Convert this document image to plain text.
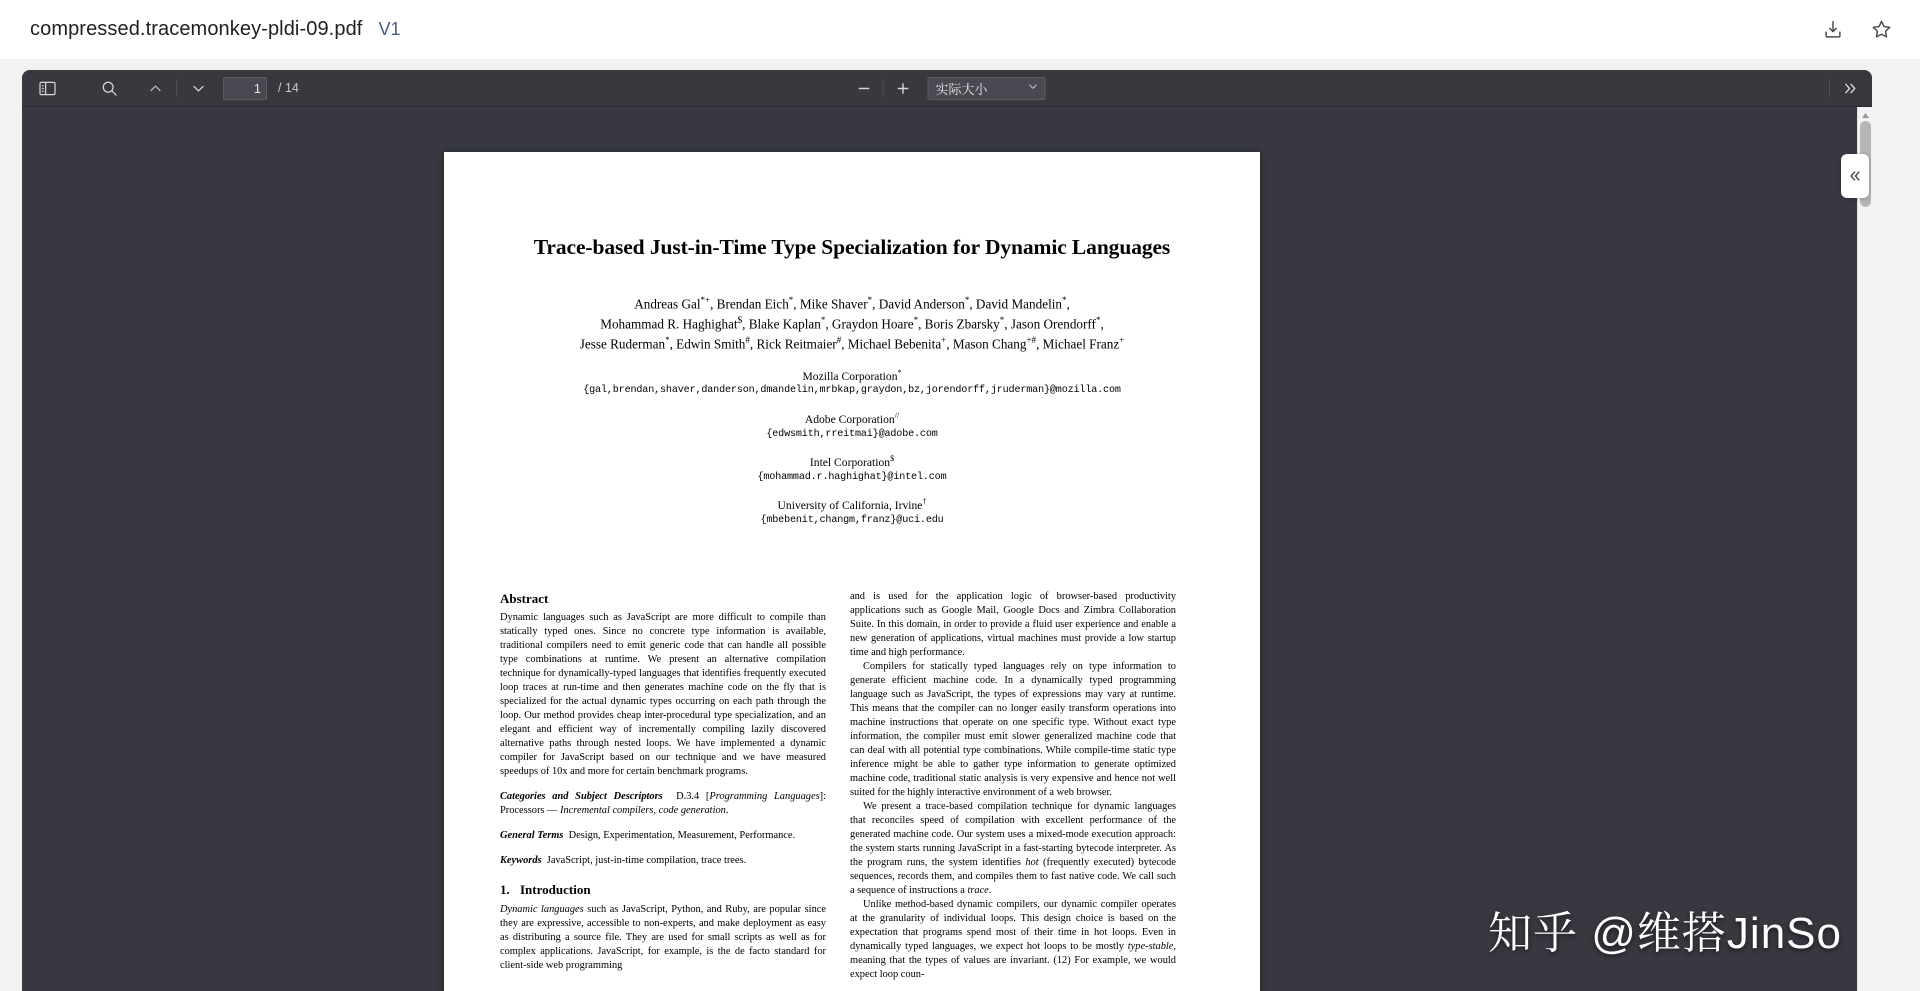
compressed.tracemonkey-pldi-09.pdf V1
1
/ 14	实际大小
Trace-based Just-in-Time Type Specialization for Dynamic Languages
Andreas Gal*+, Brendan Eich*, Mike Shaver*, David Anderson*, David Mandelin*,
Mohammad R. Haghighat$, Blake Kaplan*, Graydon Hoare*, Boris Zbarsky*, Jason Orendorff*,
Jesse Ruderman*, Edwin Smith#, Rick Reitmaier#, Michael Bebenita+, Mason Chang+#, Michael Franz+
Mozilla Corporation*
{gal,brendan,shaver,danderson,dmandelin,mrbkap,graydon,bz,jorendorff,jruderman}@mozilla.com
Adobe Corporation//
{edwsmith,rreitmai}@adobe.com
Intel Corporation$
{mohammad.r.haghighat}@intel.com
University of California, Irvine†
{mbebenit,changm,franz}@uci.edu
Abstract

Dynamic languages such as JavaScript are more difficult to compile than statically typed ones. Since no concrete type information is available, traditional compilers need to emit generic code that can handle all possible type combinations at runtime. We present an alternative compilation technique for dynamically-typed languages that identifies frequently executed loop traces at run-time and then generates machine code on the fly that is specialized for the actual dynamic types occurring on each path through the loop. Our method provides cheap inter-procedural type specialization, and an elegant and efficient way of incrementally compiling lazily discovered alternative paths through nested loops. We have implemented a dynamic compiler for JavaScript based on our technique and we have measured speedups of 10x and more for certain benchmark programs.

Categories and Subject Descriptors D.3.4 [Programming Languages]: Processors — Incremental compilers, code generation.

General Terms Design, Experimentation, Measurement, Performance.

Keywords JavaScript, just-in-time compilation, trace trees.

1. Introduction

Dynamic languages such as JavaScript, Python, and Ruby, are popular since they are expressive, accessible to non-experts, and make deployment as easy as distributing a source file. They are used for small scripts as well as for complex applications. JavaScript, for example, is the de facto standard for client-side web programming

and is used for the application logic of browser-based productivity applications such as Google Mail, Google Docs and Zimbra Collaboration Suite. In this domain, in order to provide a fluid user experience and enable a new generation of applications, virtual machines must provide a low startup time and high performance.

Compilers for statically typed languages rely on type information to generate efficient machine code. In a dynamically typed programming language such as JavaScript, the types of expressions may vary at runtime. This means that the compiler can no longer easily transform operations into machine instructions that operate on one specific type. Without exact type information, the compiler must emit slower generalized machine code that can deal with all potential type combinations. While compile-time static type inference might be able to gather type information to generate optimized machine code, traditional static analysis is very expensive and hence not well suited for the highly interactive environment of a web browser.

We present a trace-based compilation technique for dynamic languages that reconciles speed of compilation with excellent performance of the generated machine code. Our system uses a mixed-mode execution approach: the system starts running JavaScript in a fast-starting bytecode interpreter. As the program runs, the system identifies hot (frequently executed) bytecode sequences, records them, and compiles them to fast native code. We call such a sequence of instructions a trace.

Unlike method-based dynamic compilers, our dynamic compiler operates at the granularity of individual loops. This design choice is based on the expectation that programs spend most of their time in hot loops. Even in dynamically typed languages, we expect hot loops to be mostly type-stable, meaning that the types of values are invariant. (12) For example, we would expect loop coun-

知乎 @维搭JinSo
